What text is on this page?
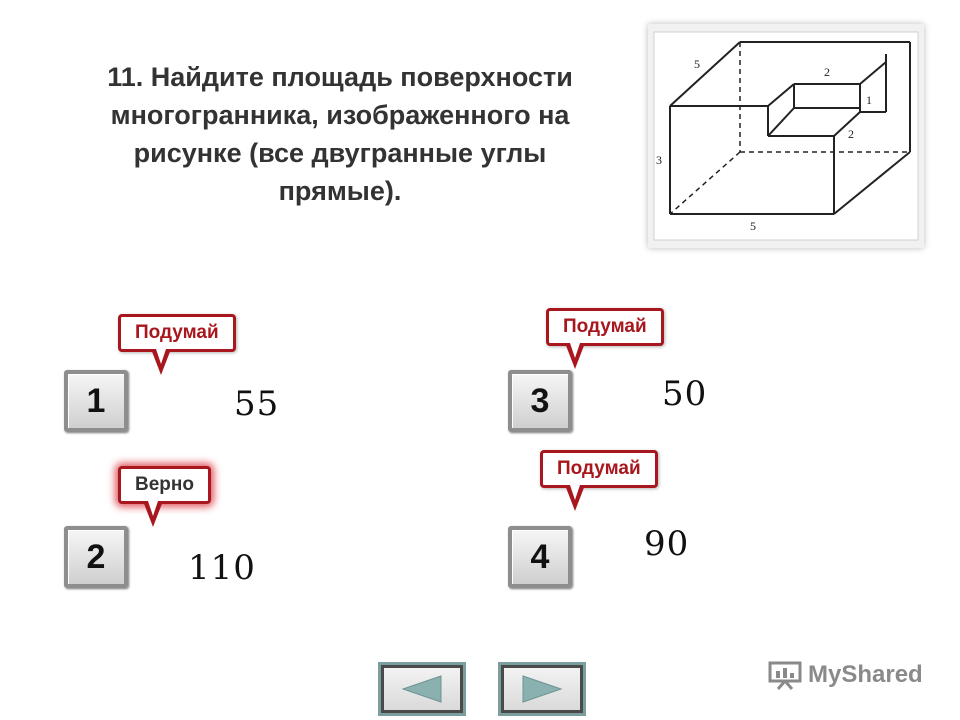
11. Найдите площадь поверхности
многогранника, изображенного на
рисунке (все двугранные углы
прямые).
5
2
1
2
3
5
1	55
Подумай
2	110
Верно
3	50
Подумай
4	90
Подумай
MyShared
